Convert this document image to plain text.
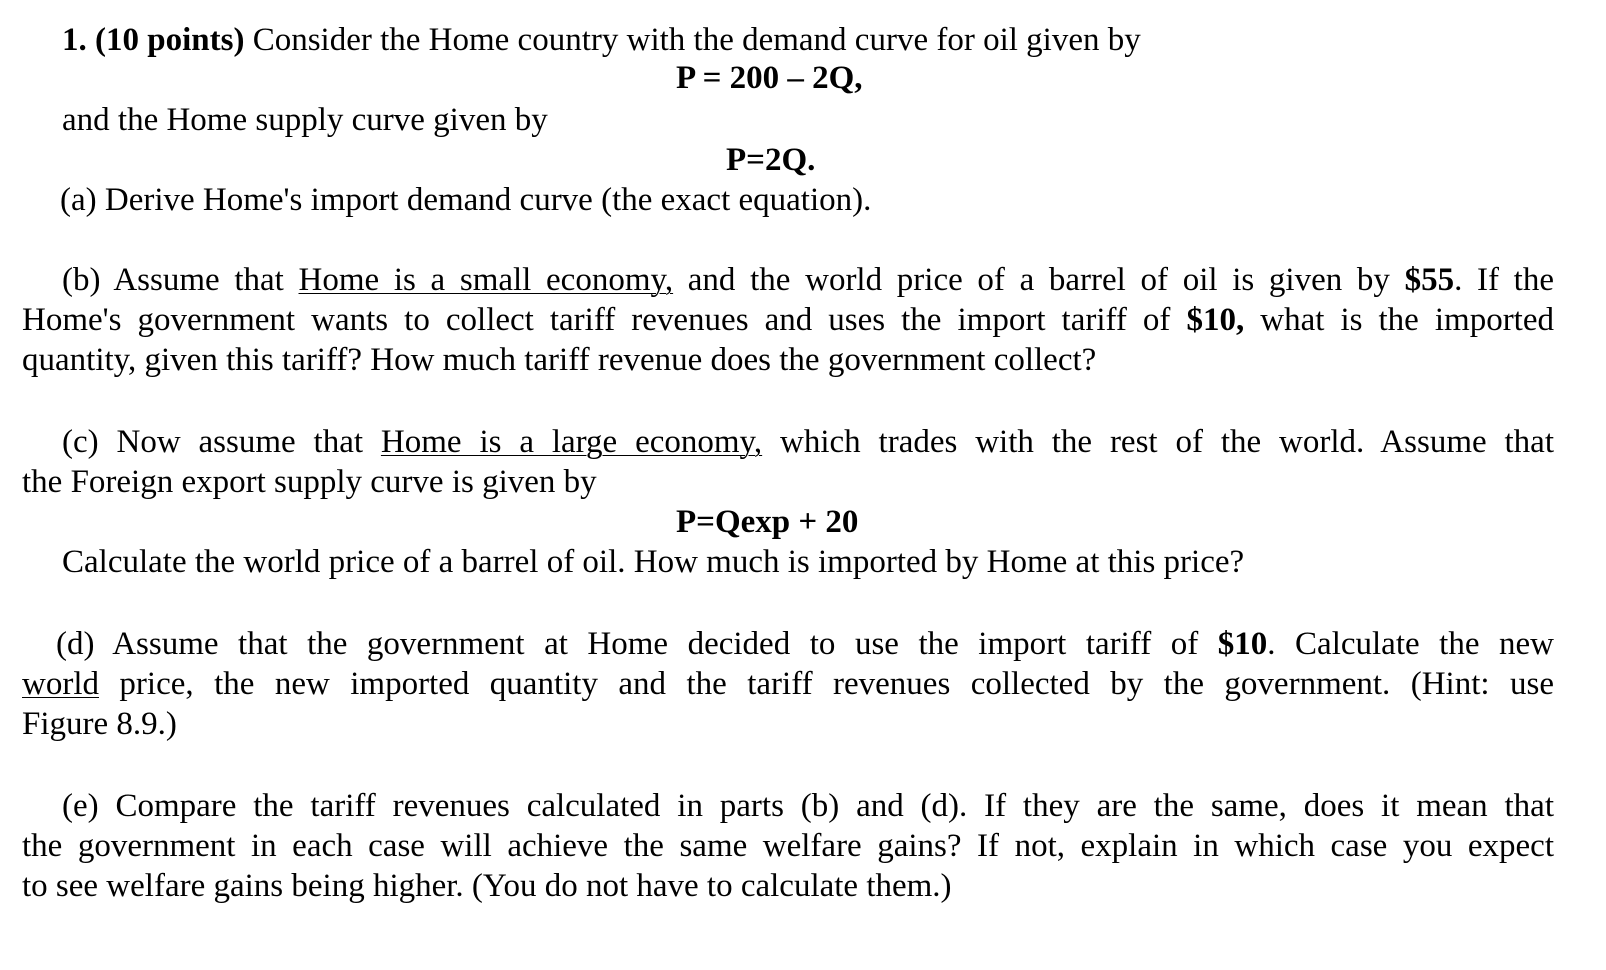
1. (10 points) Consider the Home country with the demand curve for oil given by
P = 200 – 2Q,
and the Home supply curve given by
P=2Q.
(a) Derive Home's import demand curve (the exact equation).
(b) Assume that Home is a small economy, and the world price of a barrel of oil is given by $55. If the
Home's government wants to collect tariff revenues and uses the import tariff of $10, what is the imported
quantity, given this tariff? How much tariff revenue does the government collect?
(c) Now assume that Home is a large economy, which trades with the rest of the world. Assume that
the Foreign export supply curve is given by
P=Qexp + 20
Calculate the world price of a barrel of oil. How much is imported by Home at this price?
(d) Assume that the government at Home decided to use the import tariff of $10. Calculate the new
world price, the new imported quantity and the tariff revenues collected by the government. (Hint: use
Figure 8.9.)
(e) Compare the tariff revenues calculated in parts (b) and (d). If they are the same, does it mean that
the government in each case will achieve the same welfare gains? If not, explain in which case you expect
to see welfare gains being higher. (You do not have to calculate them.)
